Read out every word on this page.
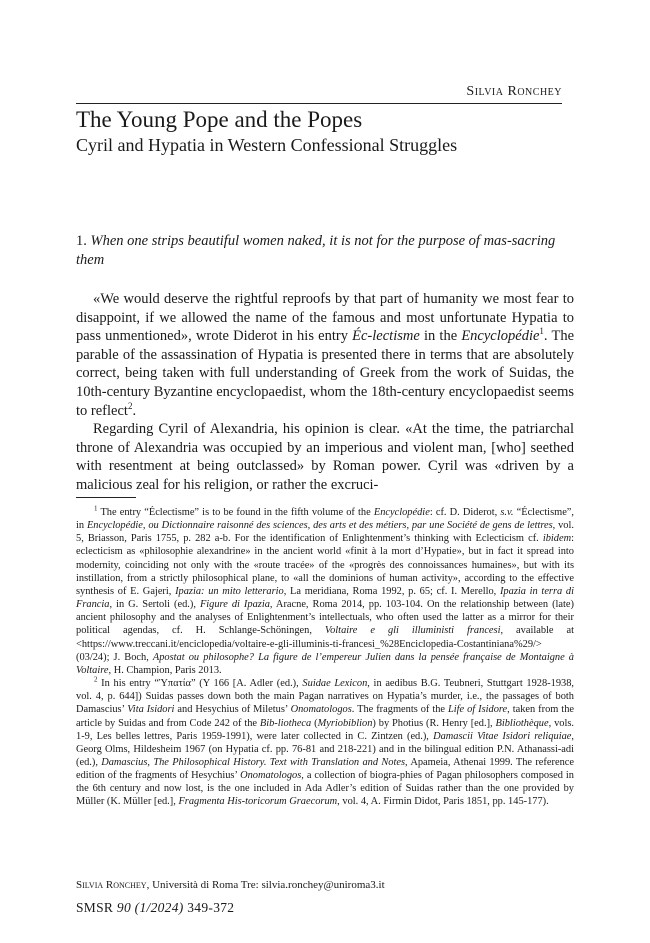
Silvia Ronchey
The Young Pope and the Popes
Cyril and Hypatia in Western Confessional Struggles

1. When one strips beautiful women naked, it is not for the purpose of mas-sacring them

«We would deserve the rightful reproofs by that part of humanity we most fear to disappoint, if we allowed the name of the famous and most unfortunate Hypatia to pass unmentioned», wrote Diderot in his entry Éc-lectisme in the Encyclopédie$^1$. The parable of the assassination of Hypatia is presented there in terms that are absolutely correct, being taken with full understanding of Greek from the work of Suidas, the 10th-century Byzantine encyclopaedist, whom the 18th-century encyclopaedist seems to reflect$^2$.

Regarding Cyril of Alexandria, his opinion is clear. «At the time, the patriarchal throne of Alexandria was occupied by an imperious and violent man, [who] seethed with resentment at being outclassed» by Roman power. Cyril was «driven by a malicious zeal for his religion, or rather the excruci-

$^1$ The entry “Éclectisme” is to be found in the fifth volume of the Encyclopédie: cf. D. Diderot, s.v. “Éclectisme”, in Encyclopédie, ou Dictionnaire raisonné des sciences, des arts et des métiers, par une Société de gens de lettres, vol. 5, Briasson, Paris 1755, p. 282 a-b. For the identification of Enlightenment’s thinking with Eclecticism cf. ibidem: eclecticism as «philosophie alexandrine» in the ancient world «finit à la mort d’Hypatie», but in fact it spread into modernity, coinciding not only with the «route tracée» of the «progrès des connoissances humaines», but with its instillation, from a strictly philosophical plane, to «all the dominions of human activity», according to the effective synthesis of E. Gajeri, Ipazia: un mito letterario, La meridiana, Roma 1992, p. 65; cf. I. Merello, Ipazia in terra di Francia, in G. Sertoli (ed.), Figure di Ipazia, Aracne, Roma 2014, pp. 103-104. On the relationship between (late) ancient philosophy and the analyses of Enlightenment’s intellectuals, who often used the latter as a mirror for their political agendas, cf. H. Schlange-Schöningen, Voltaire e gli illuministi francesi, available at <https://www.treccani.it/enciclopedia/voltaire-e-gli-illuminis-ti-francesi_%28Enciclopedia-Costantiniana%29/> (03/24); J. Boch, Apostat ou philosophe? La figure de l’empereur Julien dans la pensée française de Montaigne à Voltaire, H. Champion, Paris 2013.

$^2$ In his entry “Ὑπατία” (Y 166 [A. Adler (ed.), Suidae Lexicon, in aedibus B.G. Teubneri, Stuttgart 1928-1938, vol. 4, p. 644]) Suidas passes down both the main Pagan narratives on Hypatia’s murder, i.e., the passages of both Damascius’ Vita Isidori and Hesychius of Miletus’ Onomatologos. The fragments of the Life of Isidore, taken from the article by Suidas and from Code 242 of the Bib-liotheca (Myriobiblion) by Photius (R. Henry [ed.], Bibliothèque, vols. 1-9, Les belles lettres, Paris 1959-1991), were later collected in C. Zintzen (ed.), Damascii Vitae Isidori reliquiae, Georg Olms, Hildesheim 1967 (on Hypatia cf. pp. 76-81 and 218-221) and in the bilingual edition P.N. Athanassi-adi (ed.), Damascius, The Philosophical History. Text with Translation and Notes, Apameia, Athenai 1999. The reference edition of the fragments of Hesychius’ Onomatologos, a collection of biogra-phies of Pagan philosophers composed in the 6th century and now lost, is the one included in Ada Adler’s edition of Suidas rather than the one provided by Müller (K. Müller [ed.], Fragmenta His-toricorum Graecorum, vol. 4, A. Firmin Didot, Paris 1851, pp. 145-177).

Silvia Ronchey, Università di Roma Tre: silvia.ronchey@uniroma3.it
SMSR 90 (1/2024) 349-372
